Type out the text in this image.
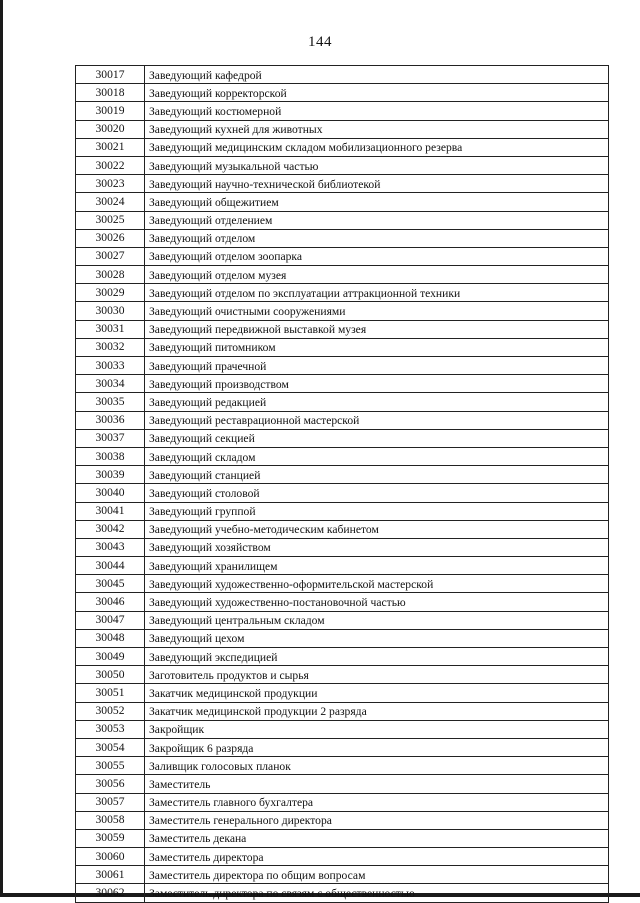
144
30017	Заведующий кафедрой
30018	Заведующий корректорской
30019	Заведующий костюмерной
30020	Заведующий кухней для животных
30021	Заведующий медицинским складом мобилизационного резерва
30022	Заведующий музыкальной частью
30023	Заведующий научно-технической библиотекой
30024	Заведующий общежитием
30025	Заведующий отделением
30026	Заведующий отделом
30027	Заведующий отделом зоопарка
30028	Заведующий отделом музея
30029	Заведующий отделом по эксплуатации аттракционной техники
30030	Заведующий очистными сооружениями
30031	Заведующий передвижной выставкой музея
30032	Заведующий питомником
30033	Заведующий прачечной
30034	Заведующий производством
30035	Заведующий редакцией
30036	Заведующий реставрационной мастерской
30037	Заведующий секцией
30038	Заведующий складом
30039	Заведующий станцией
30040	Заведующий столовой
30041	Заведующий группой
30042	Заведующий учебно-методическим кабинетом
30043	Заведующий хозяйством
30044	Заведующий хранилищем
30045	Заведующий художественно-оформительской мастерской
30046	Заведующий художественно-постановочной частью
30047	Заведующий центральным складом
30048	Заведующий цехом
30049	Заведующий экспедицией
30050	Заготовитель продуктов и сырья
30051	Закатчик медицинской продукции
30052	Закатчик медицинской продукции 2 разряда
30053	Закройщик
30054	Закройщик 6 разряда
30055	Заливщик голосовых планок
30056	Заместитель
30057	Заместитель главного бухгалтера
30058	Заместитель генерального директора
30059	Заместитель декана
30060	Заместитель директора
30061	Заместитель директора по общим вопросам
30062	Заместитель директора по связям с общественностью
